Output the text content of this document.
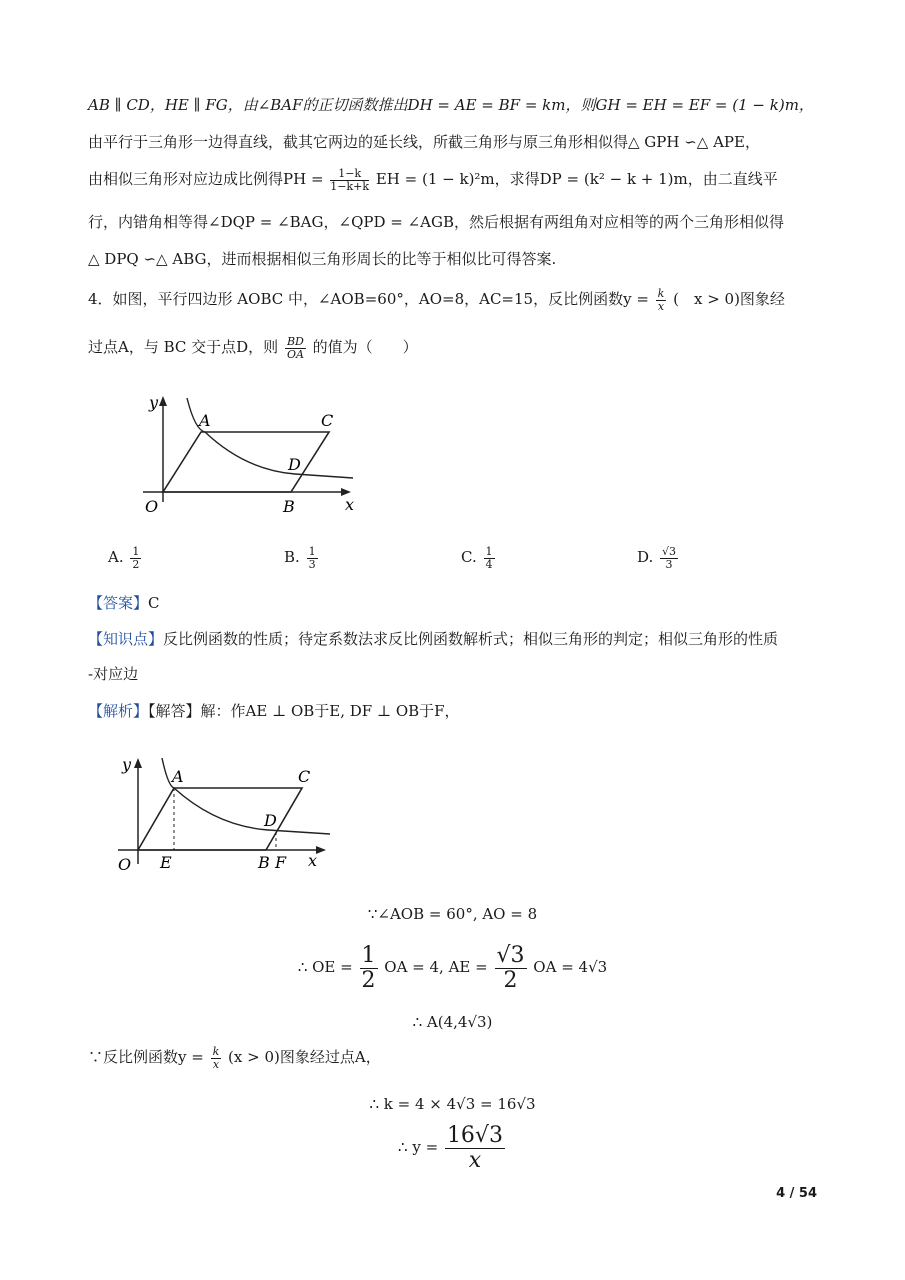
AB ∥ CD，HE ∥ FG，由∠BAF的正切函数推出DH = AE = BF = km，则GH = EH = EF = (1 − k)m，
由平行于三角形一边得直线，截其它两边的延长线，所截三角形与原三角形相似得△ GPH ∽△ APE，
由相似三角形对应边成比例得PH = $\frac{1-k}{1-k+k}$ EH = (1 − k)²m，求得DP = (k² − k + 1)m，由二直线平
行，内错角相等得∠DQP = ∠BAG，∠QPD = ∠AGB，然后根据有两组角对应相等的两个三角形相似得
△ DPQ ∽△ ABG，进而根据相似三角形周长的比等于相似比可得答案.
4．如图，平行四边形 AOBC 中，∠AOB=60°，AO=8，AC=15，反比例函数$y = \frac{k}{x}$ (　x > 0)图象经
过点A，与 BC 交于点D，则 $\frac{BD}{OA}$ 的值为（　　）
y
x
O
A	C
D
B
A. $\frac{1}{2}$	B. $\frac{1}{3}$	C. $\frac{1}{4}$	D. $\frac{√3}{3}$
【答案】C
【知识点】反比例函数的性质；待定系数法求反比例函数解析式；相似三角形的判定；相似三角形的性质
-对应边
【解析】【解答】解：作AE ⊥ OB于E, DF ⊥ OB于F，
y
x
O
A	C
D
E	B F
∵∠AOB = 60°, AO = 8
∴ OE = $\frac{1}{2}$ OA = 4, AE = $\frac{√3}{2}$ OA = 4√3
∴ A(4,4√3)
∵反比例函数$y = \frac{k}{x} (x > 0)$图象经过点A，
∴ k = 4 × 4√3 = 16√3
∴ $y = \frac{16√3}{x}$
4 / 54
